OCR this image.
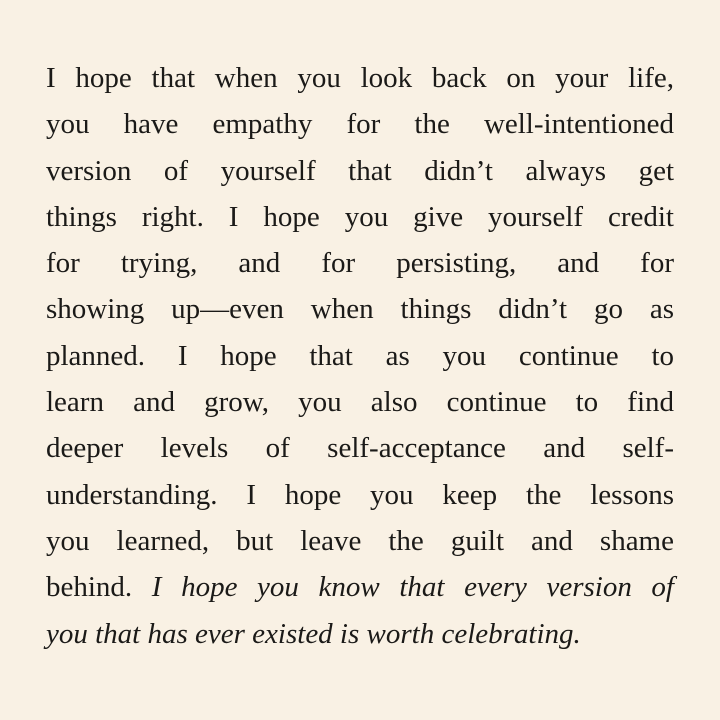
I hope that when you look back on your life,
you have empathy for the well-intentioned
version of yourself that didn’t always get
things right. I hope you give yourself credit
for trying, and for persisting, and for
showing up—even when things didn’t go as
planned. I hope that as you continue to
learn and grow, you also continue to find
deeper levels of self-acceptance and self-
understanding. I hope you keep the lessons
you learned, but leave the guilt and shame
behind. I hope you know that every version of
you that has ever existed is worth celebrating.
